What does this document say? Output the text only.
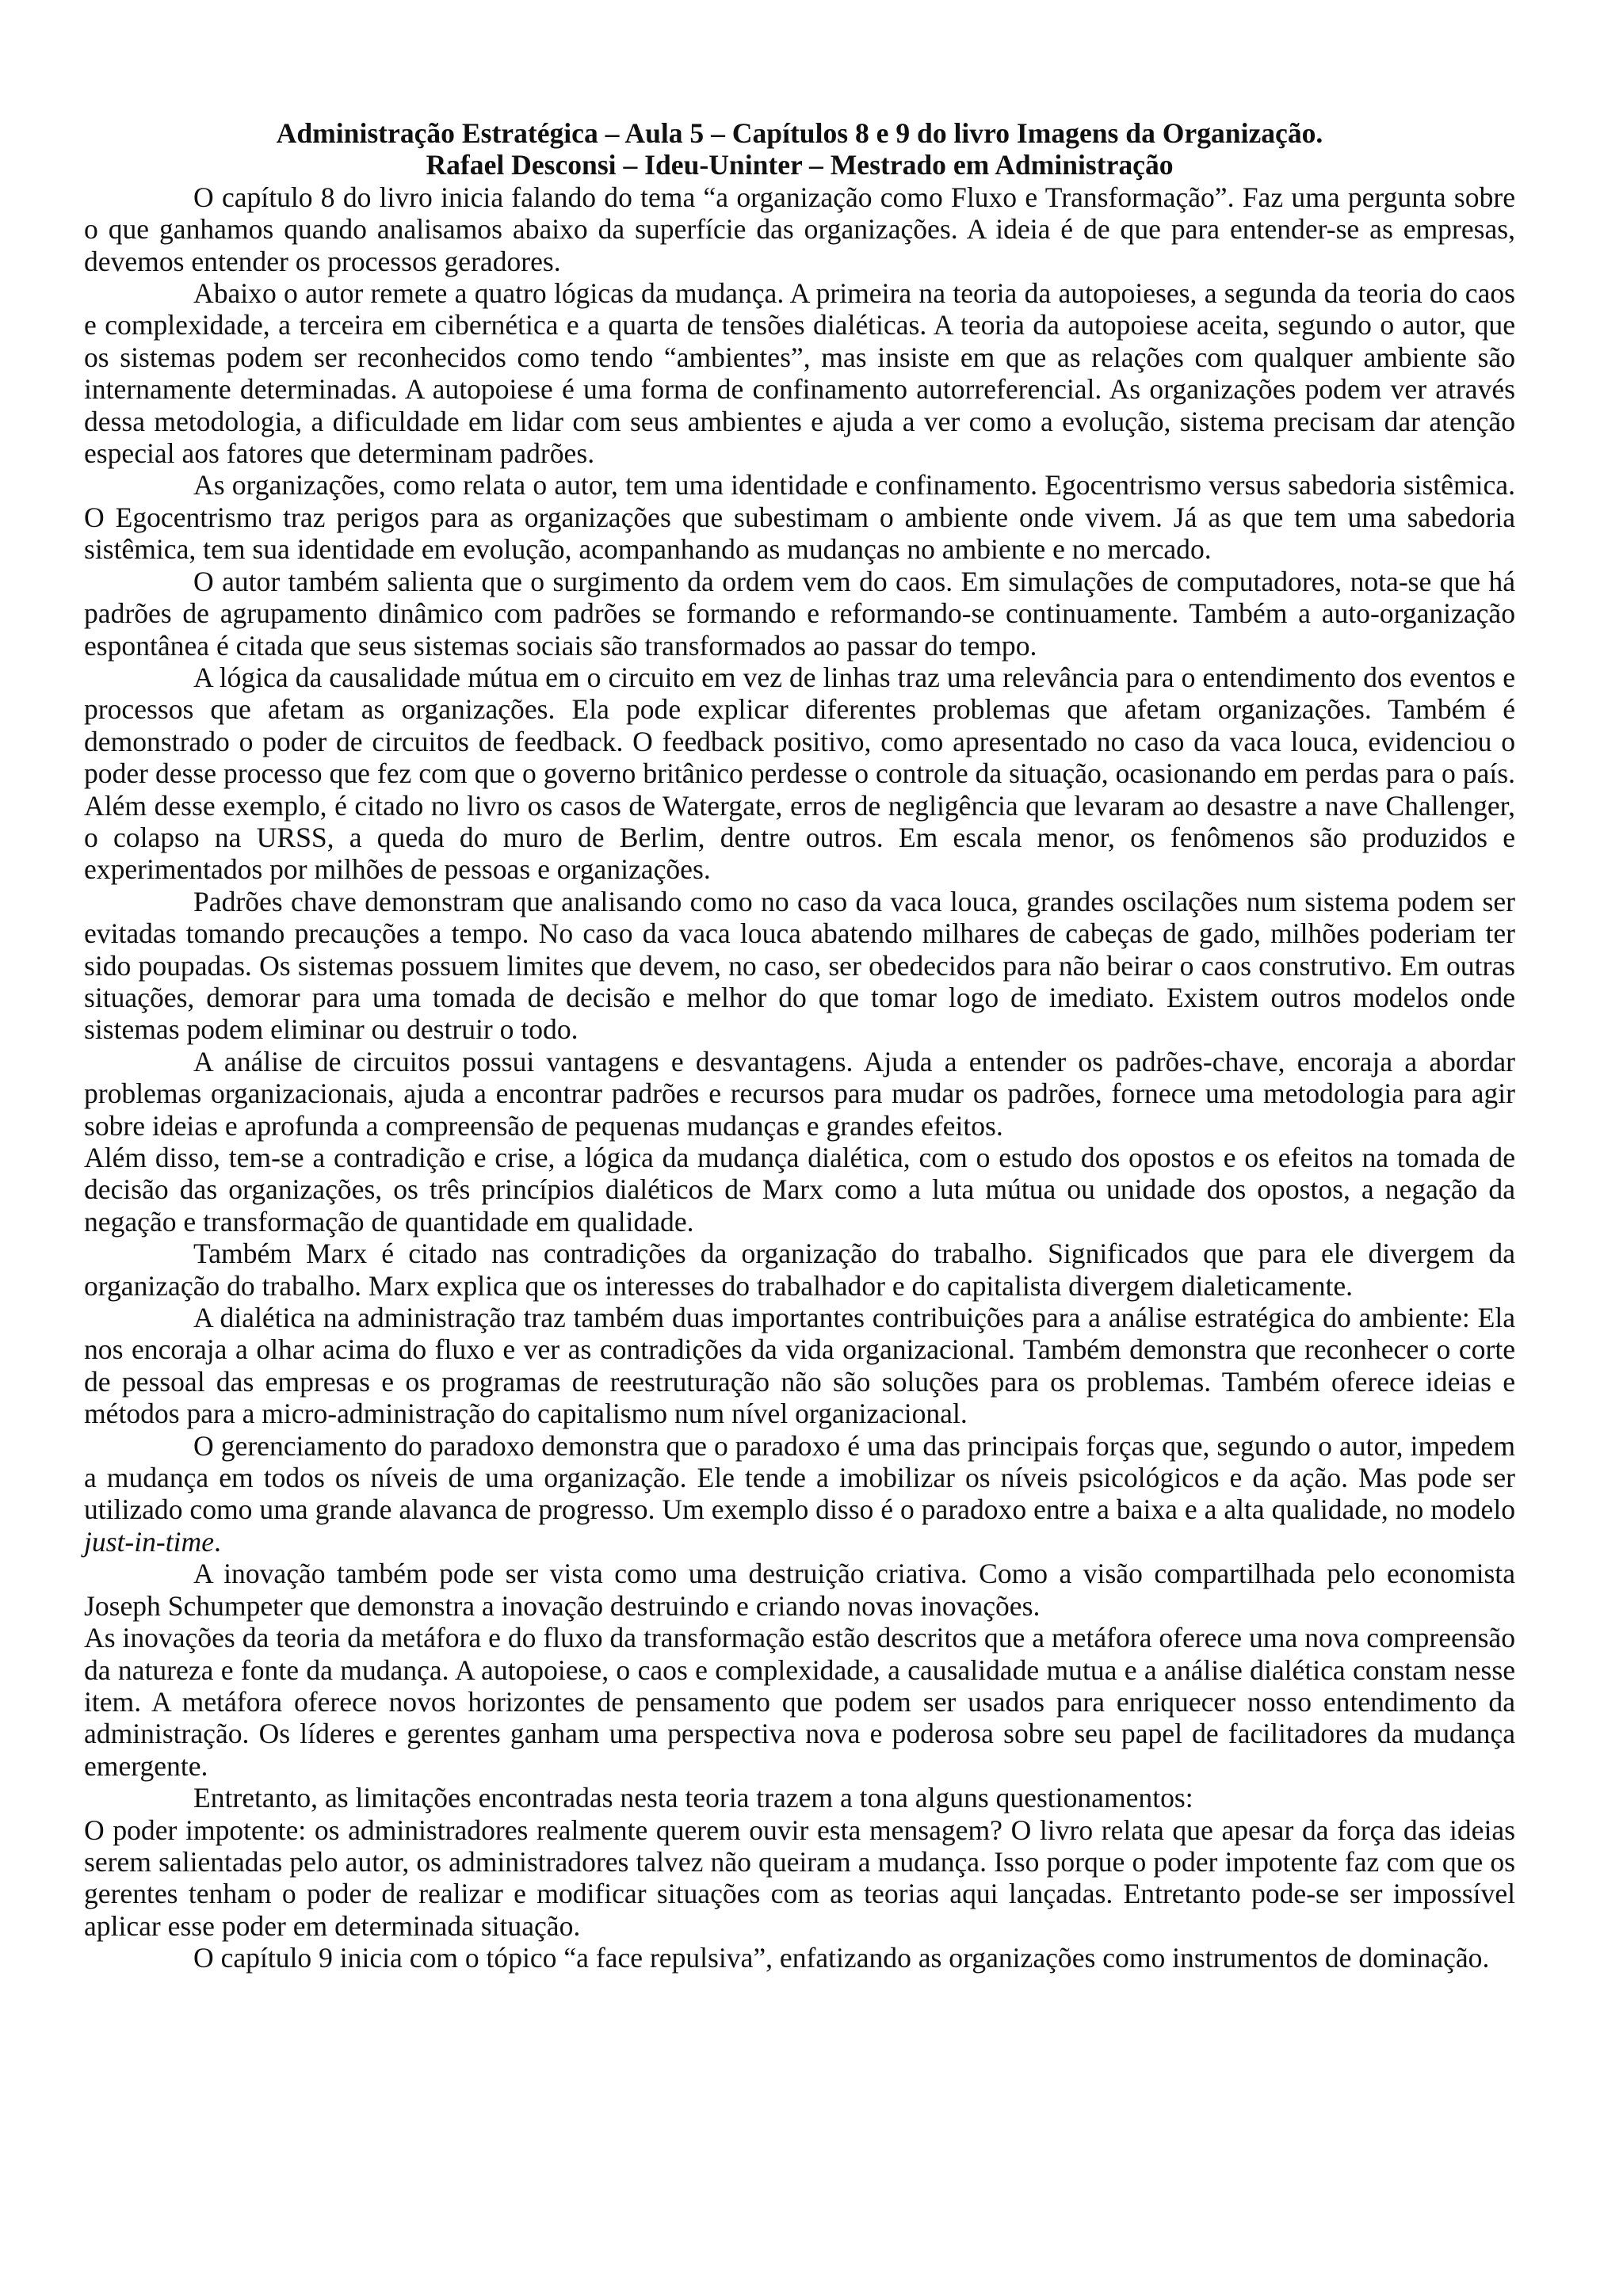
Administração Estratégica – Aula 5 – Capítulos 8 e 9 do livro Imagens da Organização.

Rafael Desconsi – Ideu-Uninter – Mestrado em Administração

O capítulo 8 do livro inicia falando do tema “a organização como Fluxo e Transformação”. Faz uma pergunta sobre o que ganhamos quando analisamos abaixo da superfície das organizações. A ideia é de que para entender-se as empresas, devemos entender os processos geradores.

Abaixo o autor remete a quatro lógicas da mudança. A primeira na teoria da autopoieses, a segunda da teoria do caos e complexidade, a terceira em cibernética e a quarta de tensões dialéticas. A teoria da autopoiese aceita, segundo o autor, que os sistemas podem ser reconhecidos como tendo “ambientes”, mas insiste em que as relações com qualquer ambiente são internamente determinadas. A autopoiese é uma forma de confinamento autorreferencial. As organizações podem ver através dessa metodologia, a dificuldade em lidar com seus ambientes e ajuda a ver como a evolução, sistema precisam dar atenção especial aos fatores que determinam padrões.

As organizações, como relata o autor, tem uma identidade e confinamento. Egocentrismo versus sabedoria sistêmica. O Egocentrismo traz perigos para as organizações que subestimam o ambiente onde vivem. Já as que tem uma sabedoria sistêmica, tem sua identidade em evolução, acompanhando as mudanças no ambiente e no mercado.

O autor também salienta que o surgimento da ordem vem do caos. Em simulações de computadores, nota-se que há padrões de agrupamento dinâmico com padrões se formando e reformando-se continuamente. Também a auto-organização espontânea é citada que seus sistemas sociais são transformados ao passar do tempo.

A lógica da causalidade mútua em o circuito em vez de linhas traz uma relevância para o entendimento dos eventos e processos que afetam as organizações. Ela pode explicar diferentes problemas que afetam organizações. Também é demonstrado o poder de circuitos de feedback. O feedback positivo, como apresentado no caso da vaca louca, evidenciou o poder desse processo que fez com que o governo britânico perdesse o controle da situação, ocasionando em perdas para o país. Além desse exemplo, é citado no livro os casos de Watergate, erros de negligência que levaram ao desastre a nave Challenger, o colapso na URSS, a queda do muro de Berlim, dentre outros. Em escala menor, os fenômenos são produzidos e experimentados por milhões de pessoas e organizações.

Padrões chave demonstram que analisando como no caso da vaca louca, grandes oscilações num sistema podem ser evitadas tomando precauções a tempo. No caso da vaca louca abatendo milhares de cabeças de gado, milhões poderiam ter sido poupadas. Os sistemas possuem limites que devem, no caso, ser obedecidos para não beirar o caos construtivo. Em outras situações, demorar para uma tomada de decisão e melhor do que tomar logo de imediato. Existem outros modelos onde sistemas podem eliminar ou destruir o todo.

A análise de circuitos possui vantagens e desvantagens. Ajuda a entender os padrões-chave, encoraja a abordar problemas organizacionais, ajuda a encontrar padrões e recursos para mudar os padrões, fornece uma metodologia para agir sobre ideias e aprofunda a compreensão de pequenas mudanças e grandes efeitos.

Além disso, tem-se a contradição e crise, a lógica da mudança dialética, com o estudo dos opostos e os efeitos na tomada de decisão das organizações, os três princípios dialéticos de Marx como a luta mútua ou unidade dos opostos, a negação da negação e transformação de quantidade em qualidade.

Também Marx é citado nas contradições da organização do trabalho. Significados que para ele divergem da organização do trabalho. Marx explica que os interesses do trabalhador e do capitalista divergem dialeticamente.

A dialética na administração traz também duas importantes contribuições para a análise estratégica do ambiente: Ela nos encoraja a olhar acima do fluxo e ver as contradições da vida organizacional. Também demonstra que reconhecer o corte de pessoal das empresas e os programas de reestruturação não são soluções para os problemas. Também oferece ideias e métodos para a micro-administração do capitalismo num nível organizacional.

O gerenciamento do paradoxo demonstra que o paradoxo é uma das principais forças que, segundo o autor, impedem a mudança em todos os níveis de uma organização. Ele tende a imobilizar os níveis psicológicos e da ação. Mas pode ser utilizado como uma grande alavanca de progresso. Um exemplo disso é o paradoxo entre a baixa e a alta qualidade, no modelo just-in-time.

A inovação também pode ser vista como uma destruição criativa. Como a visão compartilhada pelo economista Joseph Schumpeter que demonstra a inovação destruindo e criando novas inovações.

As inovações da teoria da metáfora e do fluxo da transformação estão descritos que a metáfora oferece uma nova compreensão da natureza e fonte da mudança. A autopoiese, o caos e complexidade, a causalidade mutua e a análise dialética constam nesse item. A metáfora oferece novos horizontes de pensamento que podem ser usados para enriquecer nosso entendimento da administração. Os líderes e gerentes ganham uma perspectiva nova e poderosa sobre seu papel de facilitadores da mudança emergente.

Entretanto, as limitações encontradas nesta teoria trazem a tona alguns questionamentos:

O poder impotente: os administradores realmente querem ouvir esta mensagem? O livro relata que apesar da força das ideias serem salientadas pelo autor, os administradores talvez não queiram a mudança. Isso porque o poder impotente faz com que os gerentes tenham o poder de realizar e modificar situações com as teorias aqui lançadas. Entretanto pode-se ser impossível aplicar esse poder em determinada situação.

O capítulo 9 inicia com o tópico “a face repulsiva”, enfatizando as organizações como instrumentos de dominação.
